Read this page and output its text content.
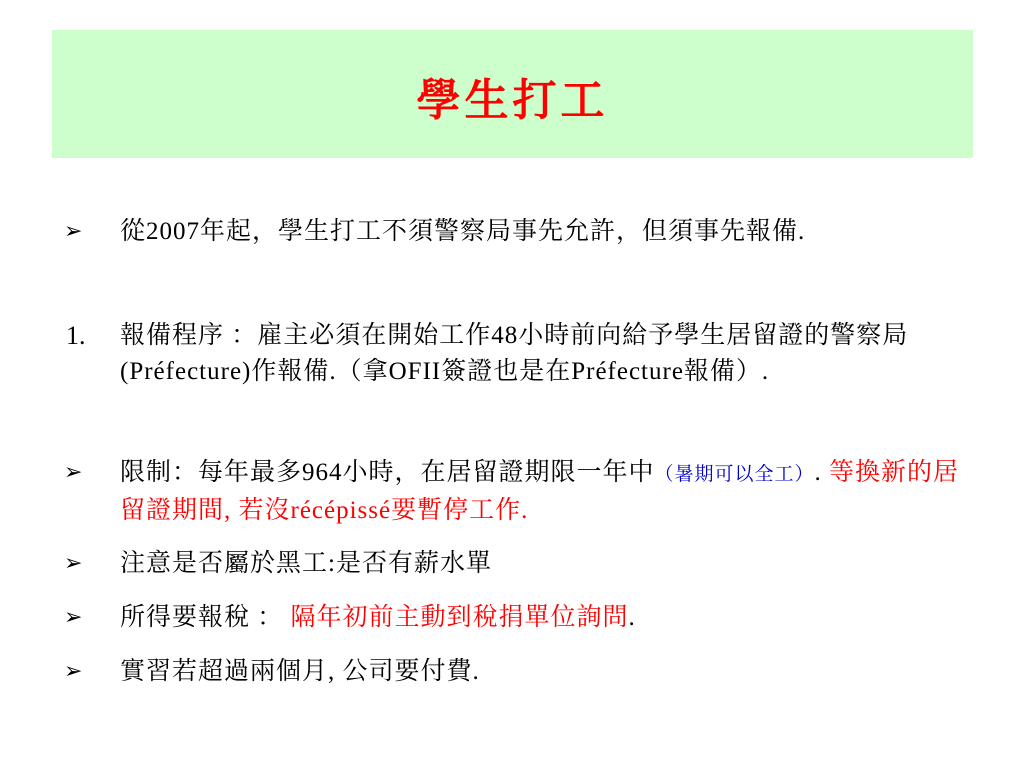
學生打工
➢ 從2007年起，學生打工不須警察局事先允許，但須事先報備.
1. 報備程序 ：雇主必須在開始工作48小時前向給予學生居留證的警察局(Préfecture)作報備.（拿OFII簽證也是在Préfecture報備）.
➢ 限制：每年最多964小時，在居留證期限一年中（暑期可以全工）. 等換新的居留證期間, 若沒récépissé要暫停工作.
➢ 注意是否屬於黑工:是否有薪水單
➢ 所得要報稅 ： 隔年初前主動到稅捐單位詢問.
➢ 實習若超過兩個月, 公司要付費.
